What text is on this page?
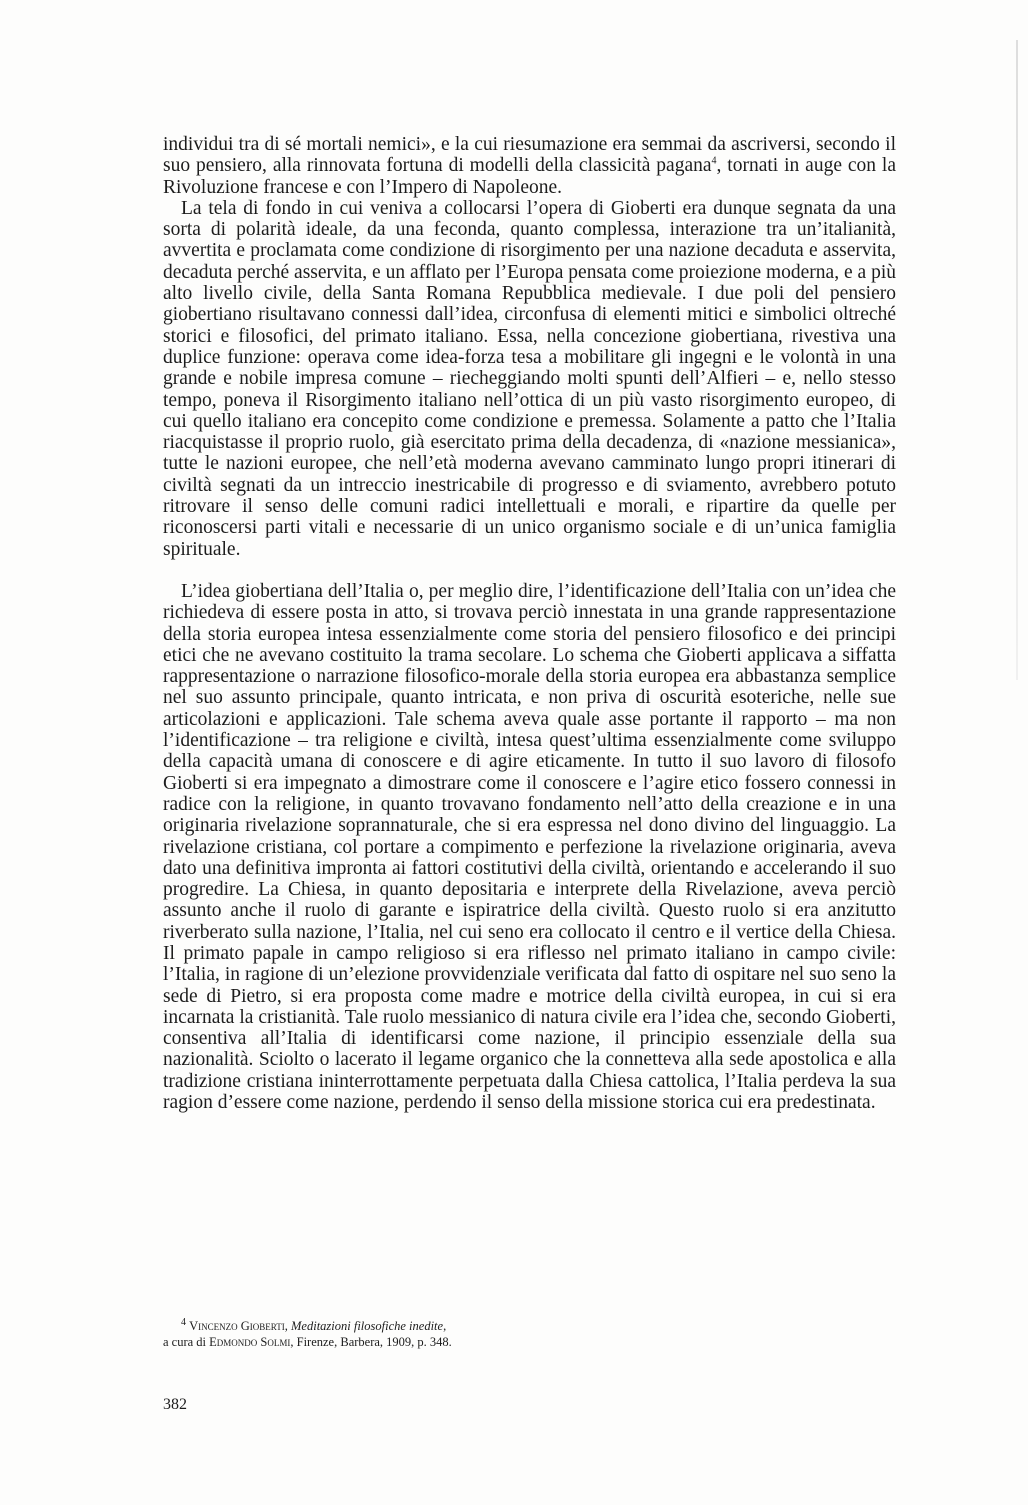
individui tra di sé mortali nemici», e la cui riesumazione era semmai da ascriversi, secondo il suo pensiero, alla rinnovata fortuna di modelli della classicità pagana$^4$, tornati in auge con la Rivoluzione francese e con l’Impero di Napoleone.

La tela di fondo in cui veniva a collocarsi l’opera di Gioberti era dunque segnata da una sorta di polarità ideale, da una feconda, quanto complessa, interazione tra un’italianità, avvertita e proclamata come condizione di risorgimento per una nazione decaduta e asservita, decaduta perché asservita, e un afflato per l’Europa pensata come proiezione moderna, e a più alto livello civile, della Santa Romana Repubblica medievale. I due poli del pensiero giobertiano risultavano connessi dall’idea, circonfusa di elementi mitici e simbolici oltreché storici e filosofici, del primato italiano. Essa, nella concezione giobertiana, rivestiva una duplice funzione: operava come idea-forza tesa a mobilitare gli ingegni e le volontà in una grande e nobile impresa comune – riecheggiando molti spunti dell’Alfieri – e, nello stesso tempo, poneva il Risorgimento italiano nell’ottica di un più vasto risorgimento europeo, di cui quello italiano era concepito come condizione e premessa. Solamente a patto che l’Italia riacquistasse il proprio ruolo, già esercitato prima della decadenza, di «nazione messianica», tutte le nazioni europee, che nell’età moderna avevano camminato lungo propri itinerari di civiltà segnati da un intreccio inestricabile di progresso e di sviamento, avrebbero potuto ritrovare il senso delle comuni radici intellettuali e morali, e ripartire da quelle per riconoscersi parti vitali e necessarie di un unico organismo sociale e di un’unica famiglia spirituale.

L’idea giobertiana dell’Italia o, per meglio dire, l’identificazione dell’Italia con un’idea che richiedeva di essere posta in atto, si trovava perciò innestata in una grande rappresentazione della storia europea intesa essenzialmente come storia del pensiero filosofico e dei principi etici che ne avevano costituito la trama secolare. Lo schema che Gioberti applicava a siffatta rappresentazione o narrazione filosofico-morale della storia europea era abbastanza semplice nel suo assunto principale, quanto intricata, e non priva di oscurità esoteriche, nelle sue articolazioni e applicazioni. Tale schema aveva quale asse portante il rapporto – ma non l’identificazione – tra religione e civiltà, intesa quest’ultima essenzialmente come sviluppo della capacità umana di conoscere e di agire eticamente. In tutto il suo lavoro di filosofo Gioberti si era impegnato a dimostrare come il conoscere e l’agire etico fossero connessi in radice con la religione, in quanto trovavano fondamento nell’atto della creazione e in una originaria rivelazione soprannaturale, che si era espressa nel dono divino del linguaggio. La rivelazione cristiana, col portare a compimento e perfezione la rivelazione originaria, aveva dato una definitiva impronta ai fattori costitutivi della civiltà, orientando e accelerando il suo progredire. La Chiesa, in quanto depositaria e interprete della Rivelazione, aveva perciò assunto anche il ruolo di garante e ispiratrice della civiltà. Questo ruolo si era anzitutto riverberato sulla nazione, l’Italia, nel cui seno era collocato il centro e il vertice della Chiesa. Il primato papale in campo religioso si era riflesso nel primato italiano in campo civile: l’Italia, in ragione di un’elezione provvidenziale verificata dal fatto di ospitare nel suo seno la sede di Pietro, si era proposta come madre e motrice della civiltà europea, in cui si era incarnata la cristianità. Tale ruolo messianico di natura civile era l’idea che, secondo Gioberti, consentiva all’Italia di identificarsi come nazione, il principio essenziale della sua nazionalità. Sciolto o lacerato il legame organico che la connetteva alla sede apostolica e alla tradizione cristiana ininterrottamente perpetuata dalla Chiesa cattolica, l’Italia perdeva la sua ragion d’essere come nazione, perdendo il senso della missione storica cui era predestinata.

$^4$ Vincenzo Gioberti, Meditazioni filosofiche inedite,
a cura di Edmondo Solmi, Firenze, Barbera, 1909, p. 348.
382
